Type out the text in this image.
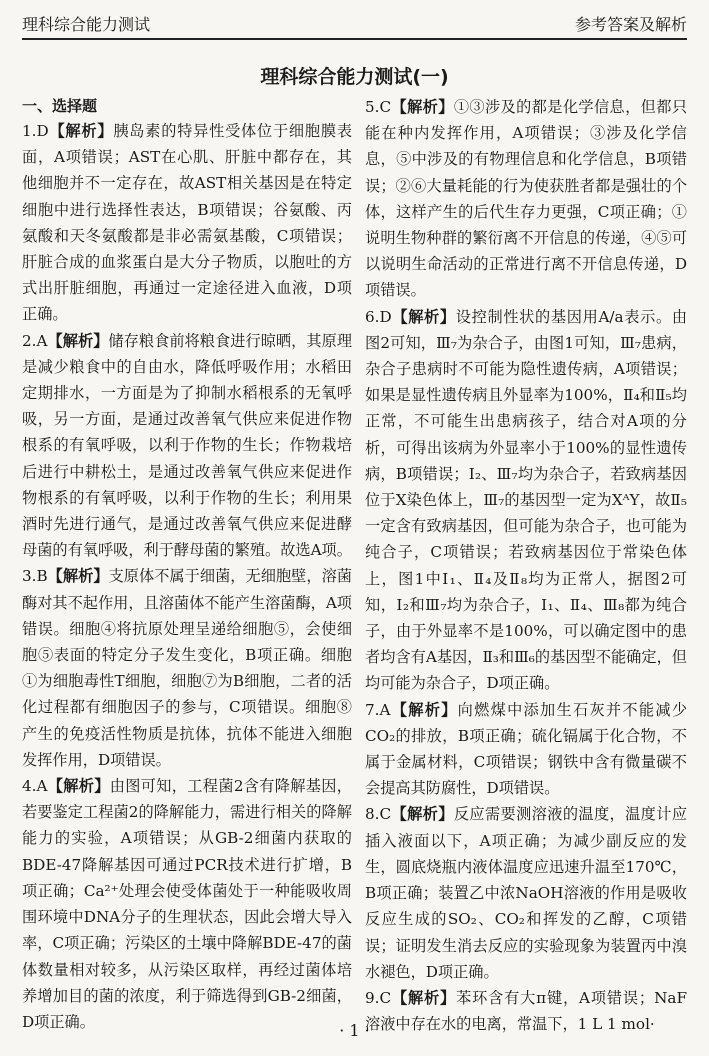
理科综合能力测试	参考答案及解析
理科综合能力测试(一)
一、选择题

1.D【解析】胰岛素的特异性受体位于细胞膜表面，A项错误；AST在心肌、肝脏中都存在，其他细胞并不一定存在，故AST相关基因是在特定细胞中进行选择性表达，B项错误；谷氨酸、丙氨酸和天冬氨酸都是非必需氨基酸，C项错误；肝脏合成的血浆蛋白是大分子物质，以胞吐的方式出肝脏细胞，再通过一定途径进入血液，D项正确。

2.A【解析】储存粮食前将粮食进行晾晒，其原理是减少粮食中的自由水，降低呼吸作用；水稻田定期排水，一方面是为了抑制水稻根系的无氧呼吸，另一方面，是通过改善氧气供应来促进作物根系的有氧呼吸，以利于作物的生长；作物栽培后进行中耕松土，是通过改善氧气供应来促进作物根系的有氧呼吸，以利于作物的生长；利用果酒时先进行通气，是通过改善氧气供应来促进酵母菌的有氧呼吸，利于酵母菌的繁殖。故选A项。

3.B【解析】支原体不属于细菌，无细胞壁，溶菌酶对其不起作用，且溶菌体不能产生溶菌酶，A项错误。细胞④将抗原处理呈递给细胞⑤，会使细胞⑤表面的特定分子发生变化，B项正确。细胞①为细胞毒性T细胞，细胞⑦为B细胞，二者的活化过程都有细胞因子的参与，C项错误。细胞⑧产生的免疫活性物质是抗体，抗体不能进入细胞发挥作用，D项错误。

4.A【解析】由图可知，工程菌2含有降解基因，若要鉴定工程菌2的降解能力，需进行相关的降解能力的实验，A项错误；从GB-2细菌内获取的BDE-47降解基因可通过PCR技术进行扩增，B项正确；Ca²⁺处理会使受体菌处于一种能吸收周围环境中DNA分子的生理状态，因此会增大导入率，C项正确；污染区的土壤中降解BDE-47的菌体数量相对较多，从污染区取样，再经过菌体培养增加目的菌的浓度，利于筛选得到GB-2细菌，D项正确。

5.C【解析】①③涉及的都是化学信息，但都只能在种内发挥作用，A项错误；③涉及化学信息，⑤中涉及的有物理信息和化学信息，B项错误；②⑥大量耗能的行为使获胜者都是强壮的个体，这样产生的后代生存力更强，C项正确；①说明生物种群的繁衍离不开信息的传递，④⑤可以说明生命活动的正常进行离不开信息传递，D项错误。

6.D【解析】设控制性状的基因用A/a表示。由图2可知，Ⅲ₇为杂合子，由图1可知，Ⅲ₇患病，杂合子患病时不可能为隐性遗传病，A项错误；如果是显性遗传病且外显率为100%，Ⅱ₄和Ⅱ₅均正常，不可能生出患病孩子，结合对A项的分析，可得出该病为外显率小于100%的显性遗传病，B项错误；Ⅰ₂、Ⅲ₇均为杂合子，若致病基因位于X染色体上，Ⅲ₇的基因型一定为XᴬY，故Ⅱ₅一定含有致病基因，但可能为杂合子，也可能为纯合子，C项错误；若致病基因位于常染色体上，图1中Ⅰ₁、Ⅱ₄及Ⅱ₈均为正常人，据图2可知，Ⅰ₂和Ⅲ₇均为杂合子，Ⅰ₁、Ⅱ₄、Ⅲ₈都为纯合子，由于外显率不是100%，可以确定图中的患者均含有A基因，Ⅱ₃和Ⅲ₆的基因型不能确定，但均可能为杂合子，D项正确。

7.A【解析】向燃煤中添加生石灰并不能减少CO₂的排放，B项正确；硫化镉属于化合物，不属于金属材料，C项错误；钢铁中含有微量碳不会提高其防腐性，D项错误。

8.C【解析】反应需要测溶液的温度，温度计应插入液面以下，A项正确；为减少副反应的发生，圆底烧瓶内液体温度应迅速升温至170℃，B项正确；装置乙中浓NaOH溶液的作用是吸收反应生成的SO₂、CO₂和挥发的乙醇，C项错误；证明发生消去反应的实验现象为装置丙中溴水褪色，D项正确。

9.C【解析】苯环含有大π键，A项错误；NaF溶液中存在水的电离，常温下，1 L 1 mol·

· 1 ·
